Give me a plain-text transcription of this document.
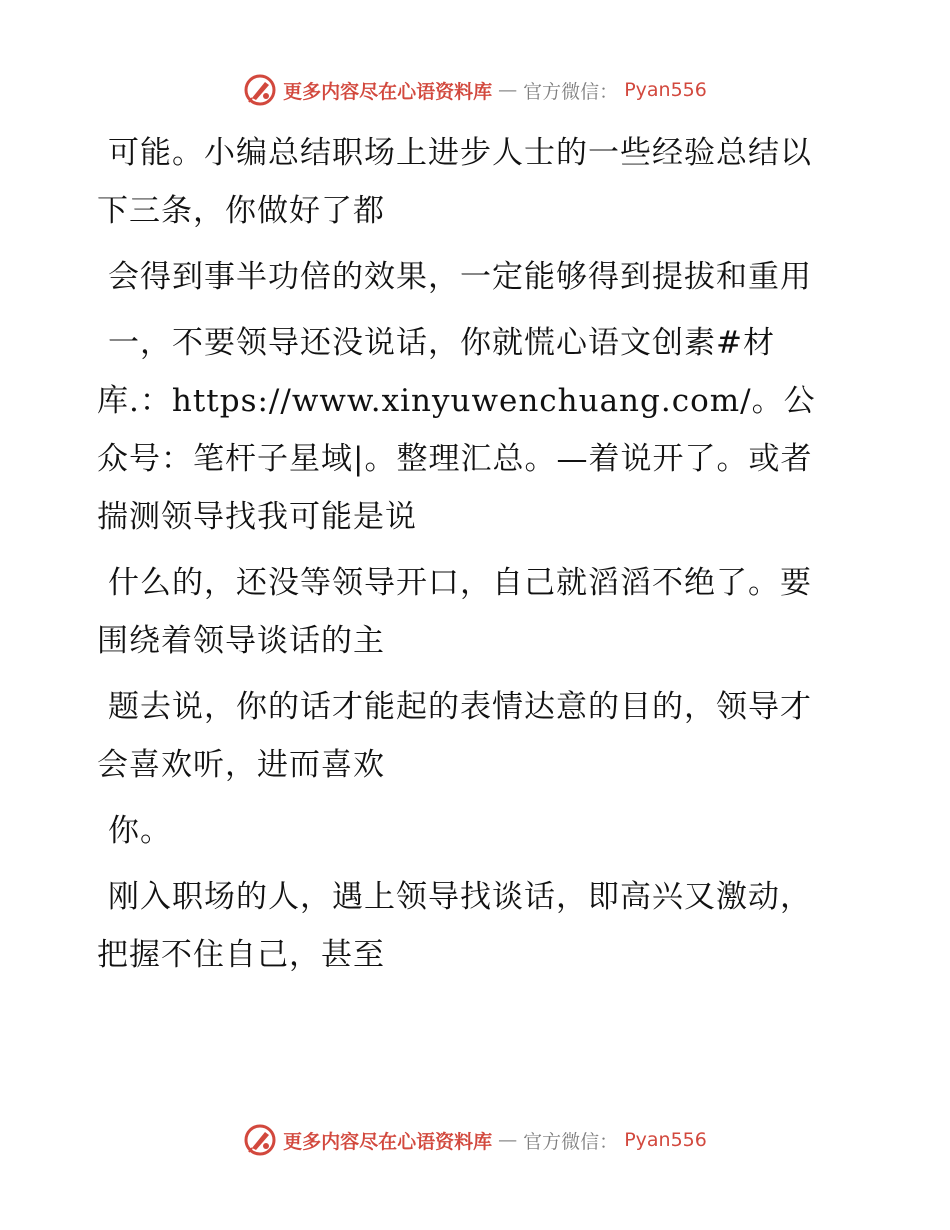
更多内容尽在心语资料库 — 官方微信： Pyan556

可能。小编总结职场上进步人士的一些经验总结以下三条，你做好了都

会得到事半功倍的效果，一定能够得到提拔和重用

一，不要领导还没说话，你就慌心语文创素#材库.：https://www.xinyuwenchuang.com/。公众号：笔杆子星域|。整理汇总。—着说开了。或者揣测领导找我可能是说

什么的，还没等领导开口，自己就滔滔不绝了。要围绕着领导谈话的主

题去说，你的话才能起的表情达意的目的，领导才会喜欢听，进而喜欢

你。

刚入职场的人，遇上领导找谈话，即高兴又激动，把握不住自己，甚至

更多内容尽在心语资料库 — 官方微信： Pyan556
